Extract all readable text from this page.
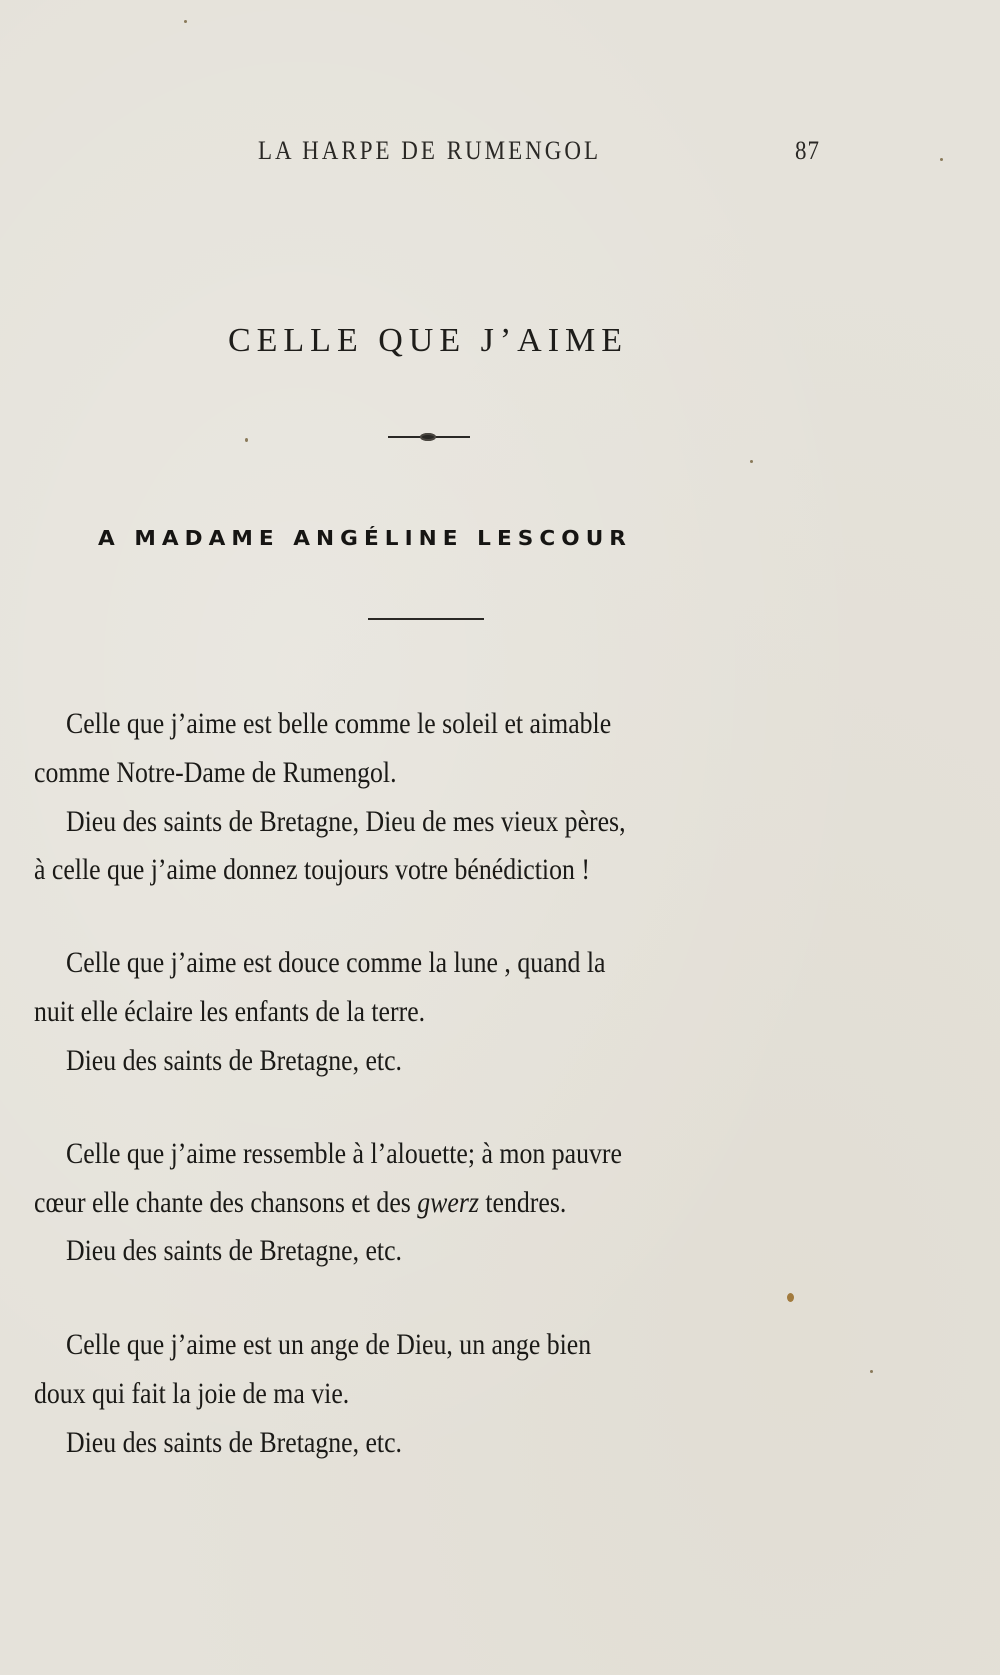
LA HARPE DE RUMENGOL	87
CELLE QUE J’AIME
A MADAME ANGÉLINE LESCOUR
Celle que j’aime est belle comme le soleil et aimable
comme Notre-Dame de Rumengol.
Dieu des saints de Bretagne, Dieu de mes vieux pères,
à celle que j’aime donnez toujours votre bénédiction !
Celle que j’aime est douce comme la lune , quand la
nuit elle éclaire les enfants de la terre.
Dieu des saints de Bretagne, etc.
Celle que j’aime ressemble à l’alouette; à mon pauvre
cœur elle chante des chansons et des gwerz tendres.
Dieu des saints de Bretagne, etc.
Celle que j’aime est un ange de Dieu, un ange bien
doux qui fait la joie de ma vie.
Dieu des saints de Bretagne, etc.
